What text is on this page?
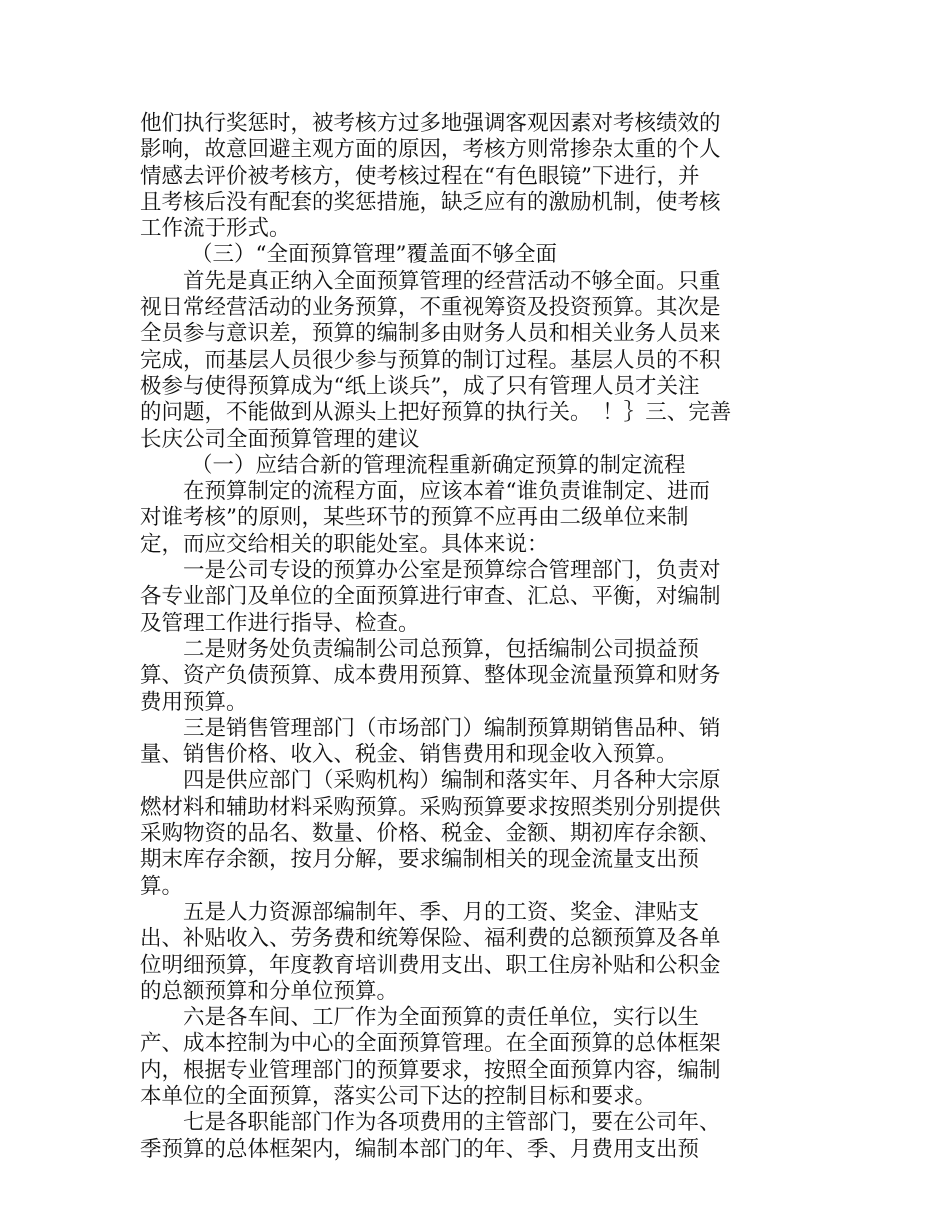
他们执行奖惩时，被考核方过多地强调客观因素对考核绩效的
影响，故意回避主观方面的原因，考核方则常掺杂太重的个人
情感去评价被考核方，使考核过程在“有色眼镜”下进行，并
且考核后没有配套的奖惩措施，缺乏应有的激励机制，使考核
工作流于形式。
（三）“全面预算管理”覆盖面不够全面
首先是真正纳入全面预算管理的经营活动不够全面。只重
视日常经营活动的业务预算，不重视筹资及投资预算。其次是
全员参与意识差，预算的编制多由财务人员和相关业务人员来
完成，而基层人员很少参与预算的制订过程。基层人员的不积
极参与使得预算成为“纸上谈兵”，成了只有管理人员才关注
的问题，不能做到从源头上把好预算的执行关。　！｝三、完善
长庆公司全面预算管理的建议
（一）应结合新的管理流程重新确定预算的制定流程
在预算制定的流程方面，应该本着“谁负责谁制定、进而
对谁考核”的原则，某些环节的预算不应再由二级单位来制
定，而应交给相关的职能处室。具体来说：
一是公司专设的预算办公室是预算综合管理部门，负责对
各专业部门及单位的全面预算进行审查、汇总、平衡，对编制
及管理工作进行指导、检查。
二是财务处负责编制公司总预算，包括编制公司损益预
算、资产负债预算、成本费用预算、整体现金流量预算和财务
费用预算。
三是销售管理部门（市场部门）编制预算期销售品种、销
量、销售价格、收入、税金、销售费用和现金收入预算。
四是供应部门（采购机构）编制和落实年、月各种大宗原
燃材料和辅助材料采购预算。采购预算要求按照类别分别提供
采购物资的品名、数量、价格、税金、金额、期初库存余额、
期末库存余额，按月分解，要求编制相关的现金流量支出预
算。
五是人力资源部编制年、季、月的工资、奖金、津贴支
出、补贴收入、劳务费和统筹保险、福利费的总额预算及各单
位明细预算，年度教育培训费用支出、职工住房补贴和公积金
的总额预算和分单位预算。
六是各车间、工厂作为全面预算的责任单位，实行以生
产、成本控制为中心的全面预算管理。在全面预算的总体框架
内，根据专业管理部门的预算要求，按照全面预算内容，编制
本单位的全面预算，落实公司下达的控制目标和要求。
七是各职能部门作为各项费用的主管部门，要在公司年、
季预算的总体框架内，编制本部门的年、季、月费用支出预
